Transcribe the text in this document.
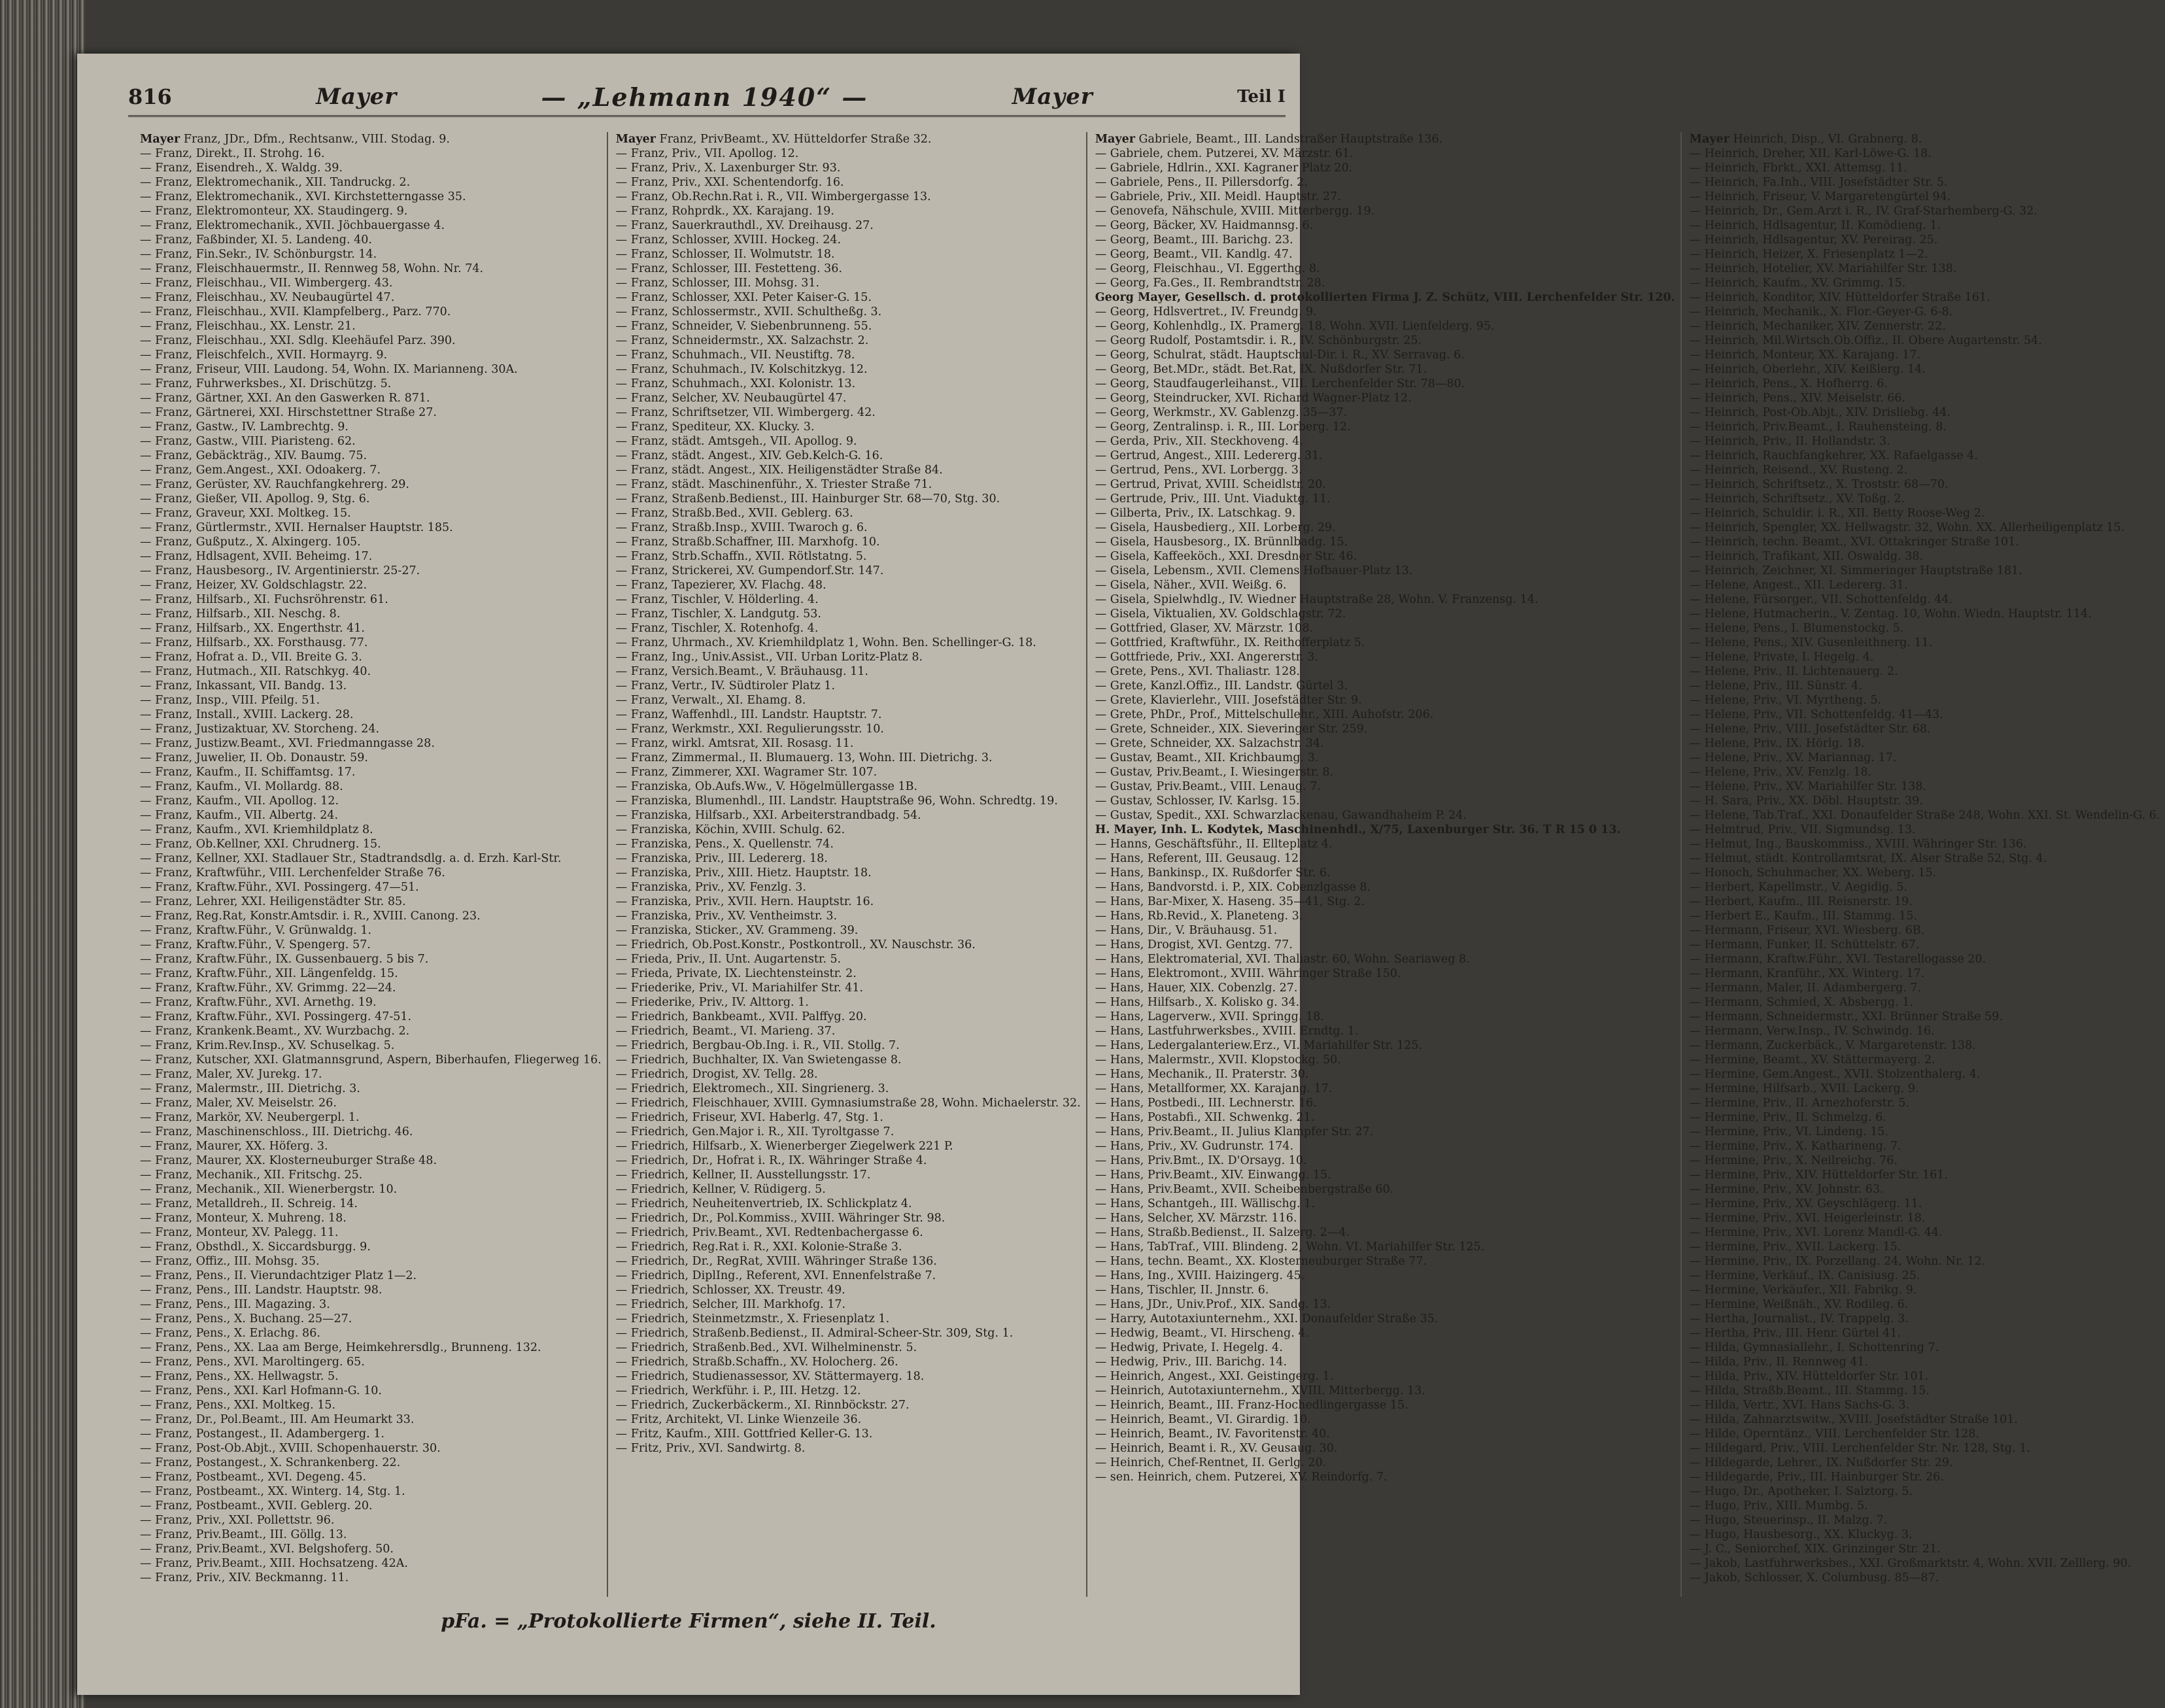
816	Mayer	— „Lehmann 1940“ —	Mayer	Teil I

Mayer Franz, JDr., Dfm., Rechtsanw., VIII. Stodag. 9.

— Franz, Direkt., II. Strohg. 16.

— Franz, Eisendreh., X. Waldg. 39.

— Franz, Elektromechanik., XII. Tandruckg. 2.

— Franz, Elektromechanik., XVI. Kirchstetterngasse 35.

— Franz, Elektromonteur, XX. Staudingerg. 9.

— Franz, Elektromechanik., XVII. Jöchbauergasse 4.

— Franz, Faßbinder, XI. 5. Landeng. 40.

— Franz, Fin.Sekr., IV. Schönburgstr. 14.

— Franz, Fleischhauermstr., II. Rennweg 58, Wohn. Nr. 74.

— Franz, Fleischhau., VII. Wimbergerg. 43.

— Franz, Fleischhau., XV. Neubaugürtel 47.

— Franz, Fleischhau., XVII. Klampfelberg., Parz. 770.

— Franz, Fleischhau., XX. Lenstr. 21.

— Franz, Fleischhau., XXI. Sdlg. Kleehäufel Parz. 390.

— Franz, Fleischfelch., XVII. Hormayrg. 9.

— Franz, Friseur, VIII. Laudong. 54, Wohn. IX. Marianneng. 30A.

— Franz, Fuhrwerksbes., XI. Drischützg. 5.

— Franz, Gärtner, XXI. An den Gaswerken R. 871.

— Franz, Gärtnerei, XXI. Hirschstettner Straße 27.

— Franz, Gastw., IV. Lambrechtg. 9.

— Franz, Gastw., VIII. Piaristeng. 62.

— Franz, Gebäckträg., XIV. Baumg. 75.

— Franz, Gem.Angest., XXI. Odoakerg. 7.

— Franz, Gerüster, XV. Rauchfangkehrerg. 29.

— Franz, Gießer, VII. Apollog. 9, Stg. 6.

— Franz, Graveur, XXI. Moltkeg. 15.

— Franz, Gürtlermstr., XVII. Hernalser Hauptstr. 185.

— Franz, Gußputz., X. Alxingerg. 105.

— Franz, Hdlsagent, XVII. Beheimg. 17.

— Franz, Hausbesorg., IV. Argentinierstr. 25-27.

— Franz, Heizer, XV. Goldschlagstr. 22.

— Franz, Hilfsarb., XI. Fuchsröhrenstr. 61.

— Franz, Hilfsarb., XII. Neschg. 8.

— Franz, Hilfsarb., XX. Engerthstr. 41.

— Franz, Hilfsarb., XX. Forsthausg. 77.

— Franz, Hofrat a. D., VII. Breite G. 3.

— Franz, Hutmach., XII. Ratschkyg. 40.

— Franz, Inkassant, VII. Bandg. 13.

— Franz, Insp., VIII. Pfeilg. 51.

— Franz, Install., XVIII. Lackerg. 28.

— Franz, Justizaktuar, XV. Storcheng. 24.

— Franz, Justizw.Beamt., XVI. Friedmanngasse 28.

— Franz, Juwelier, II. Ob. Donaustr. 59.

— Franz, Kaufm., II. Schiffamtsg. 17.

— Franz, Kaufm., VI. Mollardg. 88.

— Franz, Kaufm., VII. Apollog. 12.

— Franz, Kaufm., VII. Albertg. 24.

— Franz, Kaufm., XVI. Kriemhildplatz 8.

— Franz, Ob.Kellner, XXI. Chrudnerg. 15.

— Franz, Kellner, XXI. Stadlauer Str., Stadtrandsdlg. a. d. Erzh. Karl-Str.

— Franz, Kraftwführ., VIII. Lerchenfelder Straße 76.

— Franz, Kraftw.Führ., XVI. Possingerg. 47—51.

— Franz, Lehrer, XXI. Heiligenstädter Str. 85.

— Franz, Reg.Rat, Konstr.Amtsdir. i. R., XVIII. Canong. 23.

— Franz, Kraftw.Führ., V. Grünwaldg. 1.

— Franz, Kraftw.Führ., V. Spengerg. 57.

— Franz, Kraftw.Führ., IX. Gussenbauerg. 5 bis 7.

— Franz, Kraftw.Führ., XII. Längenfeldg. 15.

— Franz, Kraftw.Führ., XV. Grimmg. 22—24.

— Franz, Kraftw.Führ., XVI. Arnethg. 19.

— Franz, Kraftw.Führ., XVI. Possingerg. 47-51.

— Franz, Krankenk.Beamt., XV. Wurzbachg. 2.

— Franz, Krim.Rev.Insp., XV. Schuselkag. 5.

— Franz, Kutscher, XXI. Glatmannsgrund, Aspern, Biberhaufen, Fliegerweg 16.

— Franz, Maler, XV. Jurekg. 17.

— Franz, Malermstr., III. Dietrichg. 3.

— Franz, Maler, XV. Meiselstr. 26.

— Franz, Markör, XV. Neubergerpl. 1.

— Franz, Maschinenschloss., III. Dietrichg. 46.

— Franz, Maurer, XX. Höferg. 3.

— Franz, Maurer, XX. Klosterneuburger Straße 48.

— Franz, Mechanik., XII. Fritschg. 25.

— Franz, Mechanik., XII. Wienerbergstr. 10.

— Franz, Metalldreh., II. Schreig. 14.

— Franz, Monteur, X. Muhreng. 18.

— Franz, Monteur, XV. Palegg. 11.

— Franz, Obsthdl., X. Siccardsburgg. 9.

— Franz, Offiz., III. Mohsg. 35.

— Franz, Pens., II. Vierundachtziger Platz 1—2.

— Franz, Pens., III. Landstr. Hauptstr. 98.

— Franz, Pens., III. Magazing. 3.

— Franz, Pens., X. Buchang. 25—27.

— Franz, Pens., X. Erlachg. 86.

— Franz, Pens., XX. Laa am Berge, Heimkehrersdlg., Brunneng. 132.

— Franz, Pens., XVI. Maroltingerg. 65.

— Franz, Pens., XX. Hellwagstr. 5.

— Franz, Pens., XXI. Karl Hofmann-G. 10.

— Franz, Pens., XXI. Moltkeg. 15.

— Franz, Dr., Pol.Beamt., III. Am Heumarkt 33.

— Franz, Postangest., II. Adambergerg. 1.

— Franz, Post-Ob.Abjt., XVIII. Schopenhauerstr. 30.

— Franz, Postangest., X. Schrankenberg. 22.

— Franz, Postbeamt., XVI. Degeng. 45.

— Franz, Postbeamt., XX. Winterg. 14, Stg. 1.

— Franz, Postbeamt., XVII. Geblerg. 20.

— Franz, Priv., XXI. Pollettstr. 96.

— Franz, Priv.Beamt., III. Göllg. 13.

— Franz, Priv.Beamt., XVI. Belgshoferg. 50.

— Franz, Priv.Beamt., XIII. Hochsatzeng. 42A.

— Franz, Priv., XIV. Beckmanng. 11.

Mayer Franz, PrivBeamt., XV. Hütteldorfer Straße 32.

— Franz, Priv., VII. Apollog. 12.

— Franz, Priv., X. Laxenburger Str. 93.

— Franz, Priv., XXI. Schentendorfg. 16.

— Franz, Ob.Rechn.Rat i. R., VII. Wimbergergasse 13.

— Franz, Rohprdk., XX. Karajang. 19.

— Franz, Sauerkrauthdl., XV. Dreihausg. 27.

— Franz, Schlosser, XVIII. Hockeg. 24.

— Franz, Schlosser, II. Wolmutstr. 18.

— Franz, Schlosser, III. Festetteng. 36.

— Franz, Schlosser, III. Mohsg. 31.

— Franz, Schlosser, XXI. Peter Kaiser-G. 15.

— Franz, Schlossermstr., XVII. Schultheßg. 3.

— Franz, Schneider, V. Siebenbrunneng. 55.

— Franz, Schneidermstr., XX. Salzachstr. 2.

— Franz, Schuhmach., VII. Neustiftg. 78.

— Franz, Schuhmach., IV. Kolschitzkyg. 12.

— Franz, Schuhmach., XXI. Kolonistr. 13.

— Franz, Selcher, XV. Neubaugürtel 47.

— Franz, Schriftsetzer, VII. Wimbergerg. 42.

— Franz, Spediteur, XX. Klucky. 3.

— Franz, städt. Amtsgeh., VII. Apollog. 9.

— Franz, städt. Angest., XIV. Geb.Kelch-G. 16.

— Franz, städt. Angest., XIX. Heiligenstädter Straße 84.

— Franz, städt. Maschinenführ., X. Triester Straße 71.

— Franz, Straßenb.Bedienst., III. Hainburger Str. 68—70, Stg. 30.

— Franz, Straßb.Bed., XVII. Geblerg. 63.

— Franz, Straßb.Insp., XVIII. Twaroch g. 6.

— Franz, Straßb.Schaffner, III. Marxhofg. 10.

— Franz, Strb.Schaffn., XVII. Rötlstatng. 5.

— Franz, Strickerei, XV. Gumpendorf.Str. 147.

— Franz, Tapezierer, XV. Flachg. 48.

— Franz, Tischler, V. Hölderling. 4.

— Franz, Tischler, X. Landgutg. 53.

— Franz, Tischler, X. Rotenhofg. 4.

— Franz, Uhrmach., XV. Kriemhildplatz 1, Wohn. Ben. Schellinger-G. 18.

— Franz, Ing., Univ.Assist., VII. Urban Loritz-Platz 8.

— Franz, Versich.Beamt., V. Bräuhausg. 11.

— Franz, Vertr., IV. Südtiroler Platz 1.

— Franz, Verwalt., XI. Ehamg. 8.

— Franz, Waffenhdl., III. Landstr. Hauptstr. 7.

— Franz, Werkmstr., XXI. Regulierungsstr. 10.

— Franz, wirkl. Amtsrat, XII. Rosasg. 11.

— Franz, Zimmermal., II. Blumauerg. 13, Wohn. III. Dietrichg. 3.

— Franz, Zimmerer, XXI. Wagramer Str. 107.

— Franziska, Ob.Aufs.Ww., V. Högelmüllergasse 1B.

— Franziska, Blumenhdl., III. Landstr. Hauptstraße 96, Wohn. Schredtg. 19.

— Franziska, Hilfsarb., XXI. Arbeiterstrandbadg. 54.

— Franziska, Köchin, XVIII. Schulg. 62.

— Franziska, Pens., X. Quellenstr. 74.

— Franziska, Priv., III. Ledererg. 18.

— Franziska, Priv., XIII. Hietz. Hauptstr. 18.

— Franziska, Priv., XV. Fenzlg. 3.

— Franziska, Priv., XVII. Hern. Hauptstr. 16.

— Franziska, Priv., XV. Ventheimstr. 3.

— Franziska, Sticker., XV. Grammeng. 39.

— Friedrich, Ob.Post.Konstr., Postkontroll., XV. Nauschstr. 36.

— Frieda, Priv., II. Unt. Augartenstr. 5.

— Frieda, Private, IX. Liechtensteinstr. 2.

— Friederike, Priv., VI. Mariahilfer Str. 41.

— Friederike, Priv., IV. Alttorg. 1.

— Friedrich, Bankbeamt., XVII. Palffyg. 20.

— Friedrich, Beamt., VI. Marieng. 37.

— Friedrich, Bergbau-Ob.Ing. i. R., VII. Stollg. 7.

— Friedrich, Buchhalter, IX. Van Swietengasse 8.

— Friedrich, Drogist, XV. Tellg. 28.

— Friedrich, Elektromech., XII. Singrienerg. 3.

— Friedrich, Fleischhauer, XVIII. Gymnasiumstraße 28, Wohn. Michaelerstr. 32.

— Friedrich, Friseur, XVI. Haberlg. 47, Stg. 1.

— Friedrich, Gen.Major i. R., XII. Tyroltgasse 7.

— Friedrich, Hilfsarb., X. Wienerberger Ziegelwerk 221 P.

— Friedrich, Dr., Hofrat i. R., IX. Währinger Straße 4.

— Friedrich, Kellner, II. Ausstellungsstr. 17.

— Friedrich, Kellner, V. Rüdigerg. 5.

— Friedrich, Neuheitenvertrieb, IX. Schlickplatz 4.

— Friedrich, Dr., Pol.Kommiss., XVIII. Währinger Str. 98.

— Friedrich, Priv.Beamt., XVI. Redtenbachergasse 6.

— Friedrich, Reg.Rat i. R., XXI. Kolonie-Straße 3.

— Friedrich, Dr., RegRat, XVIII. Währinger Straße 136.

— Friedrich, DiplIng., Referent, XVI. Ennenfelstraße 7.

— Friedrich, Schlosser, XX. Treustr. 49.

— Friedrich, Selcher, III. Markhofg. 17.

— Friedrich, Steinmetzmstr., X. Friesenplatz 1.

— Friedrich, Straßenb.Bedienst., II. Admiral-Scheer-Str. 309, Stg. 1.

— Friedrich, Straßenb.Bed., XVI. Wilhelminenstr. 5.

— Friedrich, Straßb.Schaffn., XV. Holocherg. 26.

— Friedrich, Studienassessor, XV. Stättermayerg. 18.

— Friedrich, Werkführ. i. P., III. Hetzg. 12.

— Friedrich, Zuckerbäckerm., XI. Rinnböckstr. 27.

— Fritz, Architekt, VI. Linke Wienzeile 36.

— Fritz, Kaufm., XIII. Gottfried Keller-G. 13.

— Fritz, Priv., XVI. Sandwirtg. 8.

Mayer Gabriele, Beamt., III. Landstraßer Hauptstraße 136.

— Gabriele, chem. Putzerei, XV. Märzstr. 61.

— Gabriele, Hdlrin., XXI. Kagraner Platz 20.

— Gabriele, Pens., II. Pillersdorfg. 2.

— Gabriele, Priv., XII. Meidl. Hauptstr. 27.

— Genovefa, Nähschule, XVIII. Mitterbergg. 19.

— Georg, Bäcker, XV. Haidmannsg. 6.

— Georg, Beamt., III. Barichg. 23.

— Georg, Beamt., VII. Kandlg. 47.

— Georg, Fleischhau., VI. Eggerthg. 8.

— Georg, Fa.Ges., II. Rembrandtstr. 28.

Georg Mayer, Gesellsch. d. protokollierten Firma J. Z. Schütz, VIII. Lerchenfelder Str. 120.

— Georg, Hdlsvertret., IV. Freundg. 9.

— Georg, Kohlenhdlg., IX. Pramerg. 18, Wohn. XVII. Lienfelderg. 95.

— Georg Rudolf, Postamtsdir. i. R., IV. Schönburgstr. 25.

— Georg, Schulrat, städt. Hauptschul-Dir. i. R., XV. Serravag. 6.

— Georg, Bet.MDr., städt. Bet.Rat, IX. Nußdorfer Str. 71.

— Georg, Staudfaugerleihanst., VIII. Lerchenfelder Str. 78—80.

— Georg, Steindrucker, XVI. Richard Wagner-Platz 12.

— Georg, Werkmstr., XV. Gablenzg. 35—37.

— Georg, Zentralinsp. i. R., III. Lorberg. 12.

— Gerda, Priv., XII. Steckhoveng. 4.

— Gertrud, Angest., XIII. Ledererg. 31.

— Gertrud, Pens., XVI. Lorbergg. 3.

— Gertrud, Privat, XVIII. Scheidlstr. 20.

— Gertrude, Priv., III. Unt. Viaduktg. 11.

— Gilberta, Priv., IX. Latschkag. 9.

— Gisela, Hausbedierg., XII. Lorberg. 29.

— Gisela, Hausbesorg., IX. Brünnlbadg. 15.

— Gisela, Kaffeeköch., XXI. Dresdner Str. 46.

— Gisela, Lebensm., XVII. Clemens Hofbauer-Platz 13.

— Gisela, Näher., XVII. Weißg. 6.

— Gisela, Spielwhdlg., IV. Wiedner Hauptstraße 28, Wohn. V. Franzensg. 14.

— Gisela, Viktualien, XV. Goldschlagstr. 72.

— Gottfried, Glaser, XV. Märzstr. 108.

— Gottfried, Kraftwführ., IX. Reithofferplatz 5.

— Gottfriede, Priv., XXI. Angererstr. 3.

— Grete, Pens., XVI. Thaliastr. 128.

— Grete, Kanzl.Offiz., III. Landstr. Gürtel 3.

— Grete, Klavierlehr., VIII. Josefstädter Str. 9.

— Grete, PhDr., Prof., Mittelschullehr., XIII. Auhofstr. 206.

— Grete, Schneider., XIX. Sieveringer Str. 259.

— Grete, Schneider, XX. Salzachstr. 34.

— Gustav, Beamt., XII. Krichbaumg. 3.

— Gustav, Priv.Beamt., I. Wiesingerstr. 8.

— Gustav, Priv.Beamt., VIII. Lenaug. 7.

— Gustav, Schlosser, IV. Karlsg. 15.

— Gustav, Spedit., XXI. Schwarzlackenau, Gawandhaheim P. 24.

H. Mayer, Inh. L. Kodytek, Maschinenhdl., X/75, Laxenburger Str. 36. T R 15 0 13.

— Hanns, Geschäftsführ., II. Ellteplatz 4.

— Hans, Referent, III. Geusaug. 12.

— Hans, Bankinsp., IX. Rußdorfer Str. 6.

— Hans, Bandvorstd. i. P., XIX. Cobenzlgasse 8.

— Hans, Bar-Mixer, X. Haseng. 35—41, Stg. 2.

— Hans, Rb.Revid., X. Planeteng. 3.

— Hans, Dir., V. Bräuhausg. 51.

— Hans, Drogist, XVI. Gentzg. 77.

— Hans, Elektromaterial, XVI. Thaliastr. 60, Wohn. Seariaweg 8.

— Hans, Elektromont., XVIII. Währinger Straße 150.

— Hans, Hauer, XIX. Cobenzlg. 27.

— Hans, Hilfsarb., X. Kolisko g. 34.

— Hans, Lagerverw., XVII. Springg. 18.

— Hans, Lastfuhrwerksbes., XVIII. Erndtg. 1.

— Hans, Ledergalanteriew.Erz., VI. Mariahilfer Str. 125.

— Hans, Malermstr., XVII. Klopstockg. 50.

— Hans, Mechanik., II. Praterstr. 30.

— Hans, Metallformer, XX. Karajang. 17.

— Hans, Postbedi., III. Lechnerstr. 16.

— Hans, Postabfi., XII. Schwenkg. 21.

— Hans, Priv.Beamt., II. Julius Klampfer Str. 27.

— Hans, Priv., XV. Gudrunstr. 174.

— Hans, Priv.Bmt., IX. D'Orsayg. 10.

— Hans, Priv.Beamt., XIV. Einwangg. 15.

— Hans, Priv.Beamt., XVII. Scheibenbergstraße 60.

— Hans, Schantgeh., III. Wällischg. 1.

— Hans, Selcher, XV. Märzstr. 116.

— Hans, Straßb.Bedienst., II. Salzerg. 2—4.

— Hans, TabTraf., VIII. Blindeng. 2, Wohn. VI. Mariahilfer Str. 125.

— Hans, techn. Beamt., XX. Klosterneuburger Straße 77.

— Hans, Ing., XVIII. Haizingerg. 45.

— Hans, Tischler, II. Jnnstr. 6.

— Hans, JDr., Univ.Prof., XIX. Sandg. 13.

— Harry, Autotaxiunternehm., XXI. Donaufelder Straße 35.

— Hedwig, Beamt., VI. Hirscheng. 4.

— Hedwig, Private, I. Hegelg. 4.

— Hedwig, Priv., III. Barichg. 14.

— Heinrich, Angest., XXI. Geistingerg. 1.

— Heinrich, Autotaxiunternehm., XVIII. Mitterbergg. 13.

— Heinrich, Beamt., III. Franz-Hochedlingergasse 15.

— Heinrich, Beamt., VI. Girardig. 10.

— Heinrich, Beamt., IV. Favoritenstr. 40.

— Heinrich, Beamt i. R., XV. Geusaug. 30.

— Heinrich, Chef-Rentnet, II. Gerlg. 20.

— sen. Heinrich, chem. Putzerei, XV. Reindorfg. 7.

Mayer Heinrich, Disp., VI. Grabnerg. 8.

— Heinrich, Dreher, XII. Karl-Löwe-G. 18.

— Heinrich, Fbrkt., XXI. Attemsg. 11.

— Heinrich, Fa.Inh., VIII. Josefstädter Str. 5.

— Heinrich, Friseur, V. Margaretengürtel 94.

— Heinrich, Dr., Gem.Arzt i. R., IV. Graf-Starhemberg-G. 32.

— Heinrich, Hdlsagentur, II. Komödieng. 1.

— Heinrich, Hdlsagentur, XV. Pereirag. 25.

— Heinrich, Heizer, X. Friesenplatz 1—2.

— Heinrich, Hotelier, XV. Mariahilfer Str. 138.

— Heinrich, Kaufm., XV. Grimmg. 15.

— Heinrich, Konditor, XIV. Hütteldorfer Straße 161.

— Heinrich, Mechanik., X. Flor.-Geyer-G. 6-8.

— Heinrich, Mechaniker, XIV. Zennerstr. 22.

— Heinrich, Mil.Wirtsch.Ob.Offiz., II. Obere Augartenstr. 54.

— Heinrich, Monteur, XX. Karajang. 17.

— Heinrich, Oberlehr., XIV. Keißlerg. 14.

— Heinrich, Pens., X. Hofherrg. 6.

— Heinrich, Pens., XIV. Meiselstr. 66.

— Heinrich, Post-Ob.Abjt., XIV. Drisliebg. 44.

— Heinrich, Priv.Beamt., I. Rauhensteing. 8.

— Heinrich, Priv., II. Hollandstr. 3.

— Heinrich, Rauchfangkehrer, XX. Rafaelgasse 4.

— Heinrich, Reisend., XV. Rusteng. 2.

— Heinrich, Schriftsetz., X. Troststr. 68—70.

— Heinrich, Schriftsetz., XV. Toßg. 2.

— Heinrich, Schuldir. i. R., XII. Betty Roose-Weg 2.

— Heinrich, Spengler, XX. Hellwagstr. 32, Wohn. XX. Allerheiligenplatz 15.

— Heinrich, techn. Beamt., XVI. Ottakringer Straße 101.

— Heinrich, Trafikant, XII. Oswaldg. 38.

— Heinrich, Zeichner, XI. Simmeringer Hauptstraße 181.

— Helene, Angest., XII. Ledererg. 31.

— Helene, Fürsorger., VII. Schottenfeldg. 44.

— Helene, Hutmacherin., V. Zentag. 10, Wohn. Wiedn. Hauptstr. 114.

— Helene, Pens., I. Blumenstockg. 5.

— Helene, Pens., XIV. Gusenleithnerg. 11.

— Helene, Private, I. Hegelg. 4.

— Helene, Priv., II. Lichtenauerg. 2.

— Helene, Priv., III. Sünstr. 4.

— Helene, Priv., VI. Myrtheng. 5.

— Helene, Priv., VII. Schottenfeldg. 41—43.

— Helene, Priv., VIII. Josefstädter Str. 68.

— Helene, Priv., IX. Hörlg. 18.

— Helene, Priv., XV. Mariannag. 17.

— Helene, Priv., XV. Fenzlg. 18.

— Helene, Priv., XV. Mariahilfer Str. 138.

— H. Sara, Priv., XX. Döbl. Hauptstr. 39.

— Helene, Tab.Traf., XXI. Donaufelder Straße 248, Wohn. XXI. St. Wendelin-G. 6.

— Helmtrud, Priv., VII. Sigmundsg. 13.

— Helmut, Ing., Bauskommiss., XVIII. Währinger Str. 136.

— Helmut, städt. Kontrollamtsrat, IX. Alser Straße 52, Stg. 4.

— Honoch, Schuhmacher, XX. Weberg. 15.

— Herbert, Kapellmstr., V. Aegidig. 5.

— Herbert, Kaufm., III. Reisnerstr. 19.

— Herbert E., Kaufm., III. Stammg. 15.

— Hermann, Friseur, XVI. Wiesberg. 6B.

— Hermann, Funker, II. Schüttelstr. 67.

— Hermann, Kraftw.Führ., XVI. Testarellogasse 20.

— Hermann, Kranführ., XX. Winterg. 17.

— Hermann, Maler, II. Adambergerg. 7.

— Hermann, Schmied, X. Absbergg. 1.

— Hermann, Schneidermstr., XXI. Brünner Straße 59.

— Hermann, Verw.Insp., IV. Schwindg. 16.

— Hermann, Zuckerbäck., V. Margaretenstr. 138.

— Hermine, Beamt., XV. Stättermayerg. 2.

— Hermine, Gem.Angest., XVII. Stolzenthalerg. 4.

— Hermine, Hilfsarb., XVII. Lackerg. 9.

— Hermine, Priv., II. Arnezhoferstr. 5.

— Hermine, Priv., II. Schmelzg. 6.

— Hermine, Priv., VI. Lindeng. 15.

— Hermine, Priv., X. Katharineng. 7.

— Hermine, Priv., X. Neilreichg. 76.

— Hermine, Priv., XIV. Hütteldorfer Str. 161.

— Hermine, Priv., XV. Johnstr. 63.

— Hermine, Priv., XV. Geyschlägerg. 11.

— Hermine, Priv., XVI. Heigerleinstr. 18.

— Hermine, Priv., XVI. Lorenz Mandl-G. 44.

— Hermine, Priv., XVII. Lackerg. 15.

— Hermine, Priv., IX. Porzellang. 24, Wohn. Nr. 12.

— Hermine, Verkäuf., IX. Canisiusg. 25.

— Hermine, Verkäufer., XII. Fabrikg. 9.

— Hermine, Weißnäh., XV. Rodileg. 6.

— Hertha, Journalist., IV. Trappelg. 3.

— Hertha, Priv., III. Henr. Gürtel 41.

— Hilda, Gymnasiallehr., I. Schottenring 7.

— Hilda, Priv., II. Rennweg 41.

— Hilda, Priv., XIV. Hütteldorfer Str. 101.

— Hilda, Straßb.Beamt., III. Stammg. 15.

— Hilda, Vertr., XVI. Hans Sachs-G. 3.

— Hilda, Zahnarztswitw., XVIII. Josefstädter Straße 101.

— Hilde, Operntänz., VIII. Lerchenfelder Str. 128.

— Hildegard, Priv., VIII. Lerchenfelder Str. Nr. 128, Stg. 1.

— Hildegarde, Lehrer., IX. Nußdorfer Str. 29.

— Hildegarde, Priv., III. Hainburger Str. 26.

— Hugo, Dr., Apotheker, I. Salztorg. 5.

— Hugo, Priv., XIII. Mumbg. 5.

— Hugo, Steuerinsp., II. Malzg. 7.

— Hugo, Hausbesorg., XX. Kluckyg. 3.

— J. C., Seniorchef, XIX. Grinzinger Str. 21.

— Jakob, Lastfuhrwerksbes., XXI. Großmarktstr. 4, Wohn. XVII. Zelllerg. 90.

— Jakob, Schlosser, X. Columbusg. 85—87.

pFa. = „Protokollierte Firmen“, siehe II. Teil.
